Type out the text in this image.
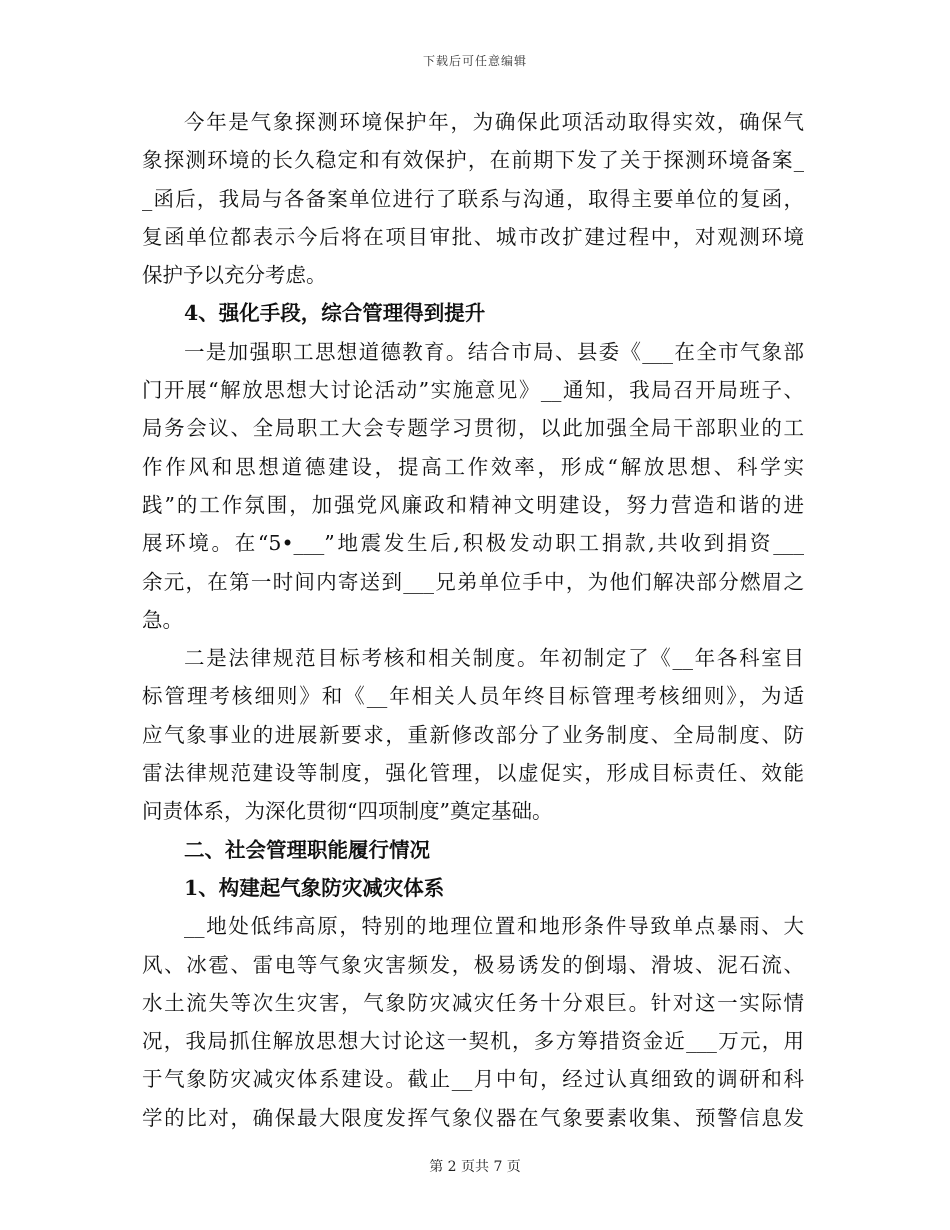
下载后可任意编辑
今年是气象探测环境保护年，为确保此项活动取得实效，确保气
象探测环境的长久稳定和有效保护，在前期下发了关于探测环境备案_
_函后，我局与各备案单位进行了联系与沟通，取得主要单位的复函，
复函单位都表示今后将在项目审批、城市改扩建过程中，对观测环境
保护予以充分考虑。
4、强化手段，综合管理得到提升
一是加强职工思想道德教育。结合市局、县委《___在全市气象部
门开展“解放思想大讨论活动”实施意见》__通知，我局召开局班子、
局务会议、全局职工大会专题学习贯彻，以此加强全局干部职业的工
作作风和思想道德建设，提高工作效率，形成“解放思想、科学实
践”的工作氛围，加强党风廉政和精神文明建设，努力营造和谐的进
展环境。在“5•___”地震发生后,积极发动职工捐款,共收到捐资___
余元，在第一时间内寄送到___兄弟单位手中，为他们解决部分燃眉之
急。
二是法律规范目标考核和相关制度。年初制定了《__年各科室目
标管理考核细则》和《__年相关人员年终目标管理考核细则》，为适
应气象事业的进展新要求，重新修改部分了业务制度、全局制度、防
雷法律规范建设等制度，强化管理，以虚促实，形成目标责任、效能
问责体系，为深化贯彻“四项制度”奠定基础。
二、社会管理职能履行情况
1、构建起气象防灾减灾体系
__地处低纬高原，特别的地理位置和地形条件导致单点暴雨、大
风、冰雹、雷电等气象灾害频发，极易诱发的倒塌、滑坡、泥石流、
水土流失等次生灾害，气象防灾减灾任务十分艰巨。针对这一实际情
况，我局抓住解放思想大讨论这一契机，多方筹措资金近___万元，用
于气象防灾减灾体系建设。截止__月中旬，经过认真细致的调研和科
学的比对，确保最大限度发挥气象仪器在气象要素收集、预警信息发
第 2 页共 7 页
